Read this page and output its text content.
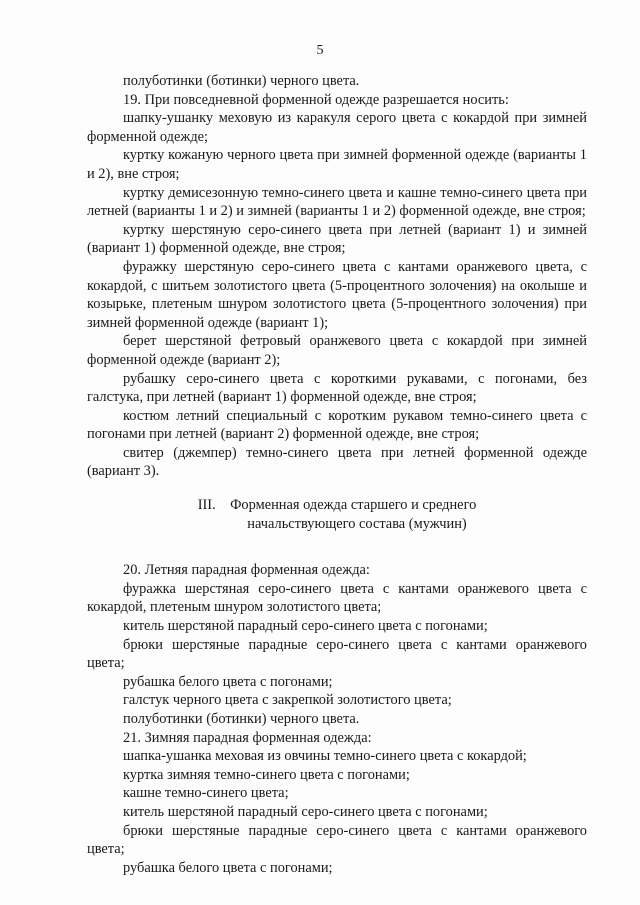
5

полуботинки (ботинки) черного цвета.

19. При повседневной форменной одежде разрешается носить:

шапку-ушанку меховую из каракуля серого цвета с кокардой при зимней форменной одежде;

куртку кожаную черного цвета при зимней форменной одежде (варианты 1 и 2), вне строя;

куртку демисезонную темно-синего цвета и кашне темно-синего цвета при летней (варианты 1 и 2) и зимней (варианты 1 и 2) форменной одежде, вне строя;

куртку шерстяную серо-синего цвета при летней (вариант 1) и зимней (вариант 1) форменной одежде, вне строя;

фуражку шерстяную серо-синего цвета с кантами оранжевого цвета, с кокардой, с шитьем золотистого цвета (5-процентного золочения) на околыше и козырьке, плетеным шнуром золотистого цвета (5-процентного золочения) при зимней форменной одежде (вариант 1);

берет шерстяной фетровый оранжевого цвета с кокардой при зимней форменной одежде (вариант 2);

рубашку серо-синего цвета с короткими рукавами, с погонами, без галстука, при летней (вариант 1) форменной одежде, вне строя;

костюм летний специальный с коротким рукавом темно-синего цвета с погонами при летней (вариант 2) форменной одежде, вне строя;

свитер (джемпер) темно-синего цвета при летней форменной одежде (вариант 3).

III. Форменная одежда старшего и среднего
начальствующего состава (мужчин)

20. Летняя парадная форменная одежда:

фуражка шерстяная серо-синего цвета с кантами оранжевого цвета с кокардой, плетеным шнуром золотистого цвета;

китель шерстяной парадный серо-синего цвета с погонами;

брюки шерстяные парадные серо-синего цвета с кантами оранжевого цвета;

рубашка белого цвета с погонами;

галстук черного цвета с закрепкой золотистого цвета;

полуботинки (ботинки) черного цвета.

21. Зимняя парадная форменная одежда:

шапка-ушанка меховая из овчины темно-синего цвета с кокардой;

куртка зимняя темно-синего цвета с погонами;

кашне темно-синего цвета;

китель шерстяной парадный серо-синего цвета с погонами;

брюки шерстяные парадные серо-синего цвета с кантами оранжевого цвета;

рубашка белого цвета с погонами;
